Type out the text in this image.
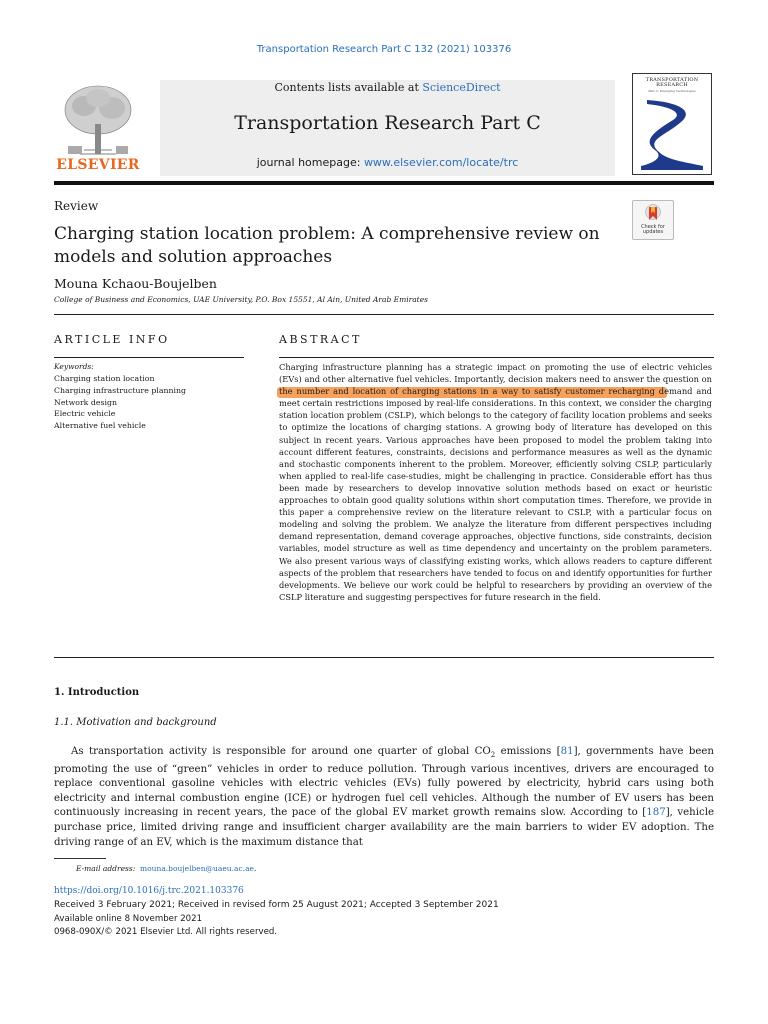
Transportation Research Part C 132 (2021) 103376
ELSEVIER
Contents lists available at ScienceDirect
Transportation Research Part C
journal homepage: www.elsevier.com/locate/trc
TRANSPORTATION RESEARCH
Part C: Emerging Technologies
Review
Check for
updates
Charging station location problem: A comprehensive review on models and solution approaches
Mouna Kchaou-Boujelben
College of Business and Economics, UAE University, P.O. Box 15551, Al Ain, United Arab Emirates
ARTICLE INFO	ABSTRACT
Keywords:
Charging station location
Charging infrastructure planning
Network design
Electric vehicle
Alternative fuel vehicle

Charging infrastructure planning has a strategic impact on promoting the use of electric vehicles (EVs) and other alternative fuel vehicles. Importantly, decision makers need to answer the question on the number and location of charging stations in a way to satisfy customer recharging demand and meet certain restrictions imposed by real-life considerations. In this context, we consider the charging station location problem (CSLP), which belongs to the category of facility location problems and seeks to optimize the locations of charging stations. A growing body of literature has developed on this subject in recent years. Various approaches have been proposed to model the problem taking into account different features, constraints, decisions and performance measures as well as the dynamic and stochastic components inherent to the problem. Moreover, efficiently solving CSLP, particularly when applied to real-life case-studies, might be challenging in practice. Considerable effort has thus been made by researchers to develop innovative solution methods based on exact or heuristic approaches to obtain good quality solutions within short computation times. Therefore, we provide in this paper a comprehensive review on the literature relevant to CSLP, with a particular focus on modeling and solving the problem. We analyze the literature from different perspectives including demand representation, demand coverage approaches, objective functions, side constraints, decision variables, model structure as well as time dependency and uncertainty on the problem parameters. We also present various ways of classifying existing works, which allows readers to capture different aspects of the problem that researchers have tended to focus on and identify opportunities for further developments. We believe our work could be helpful to researchers by providing an overview of the CSLP literature and suggesting perspectives for future research in the field.

1. Introduction
1.1. Motivation and background

As transportation activity is responsible for around one quarter of global $CO_2$ emissions [81], governments have been promoting the use of “green” vehicles in order to reduce pollution. Through various incentives, drivers are encouraged to replace conventional gasoline vehicles with electric vehicles (EVs) fully powered by electricity, hybrid cars using both electricity and internal combustion engine (ICE) or hydrogen fuel cell vehicles. Although the number of EV users has been continuously increasing in recent years, the pace of the global EV market growth remains slow. According to [187], vehicle purchase price, limited driving range and insufficient charger availability are the main barriers to wider EV adoption. The driving range of an EV, which is the maximum distance that

E-mail address: mouna.boujelben@uaeu.ac.ae.
https://doi.org/10.1016/j.trc.2021.103376
Received 3 February 2021; Received in revised form 25 August 2021; Accepted 3 September 2021
Available online 8 November 2021
0968-090X/© 2021 Elsevier Ltd. All rights reserved.
